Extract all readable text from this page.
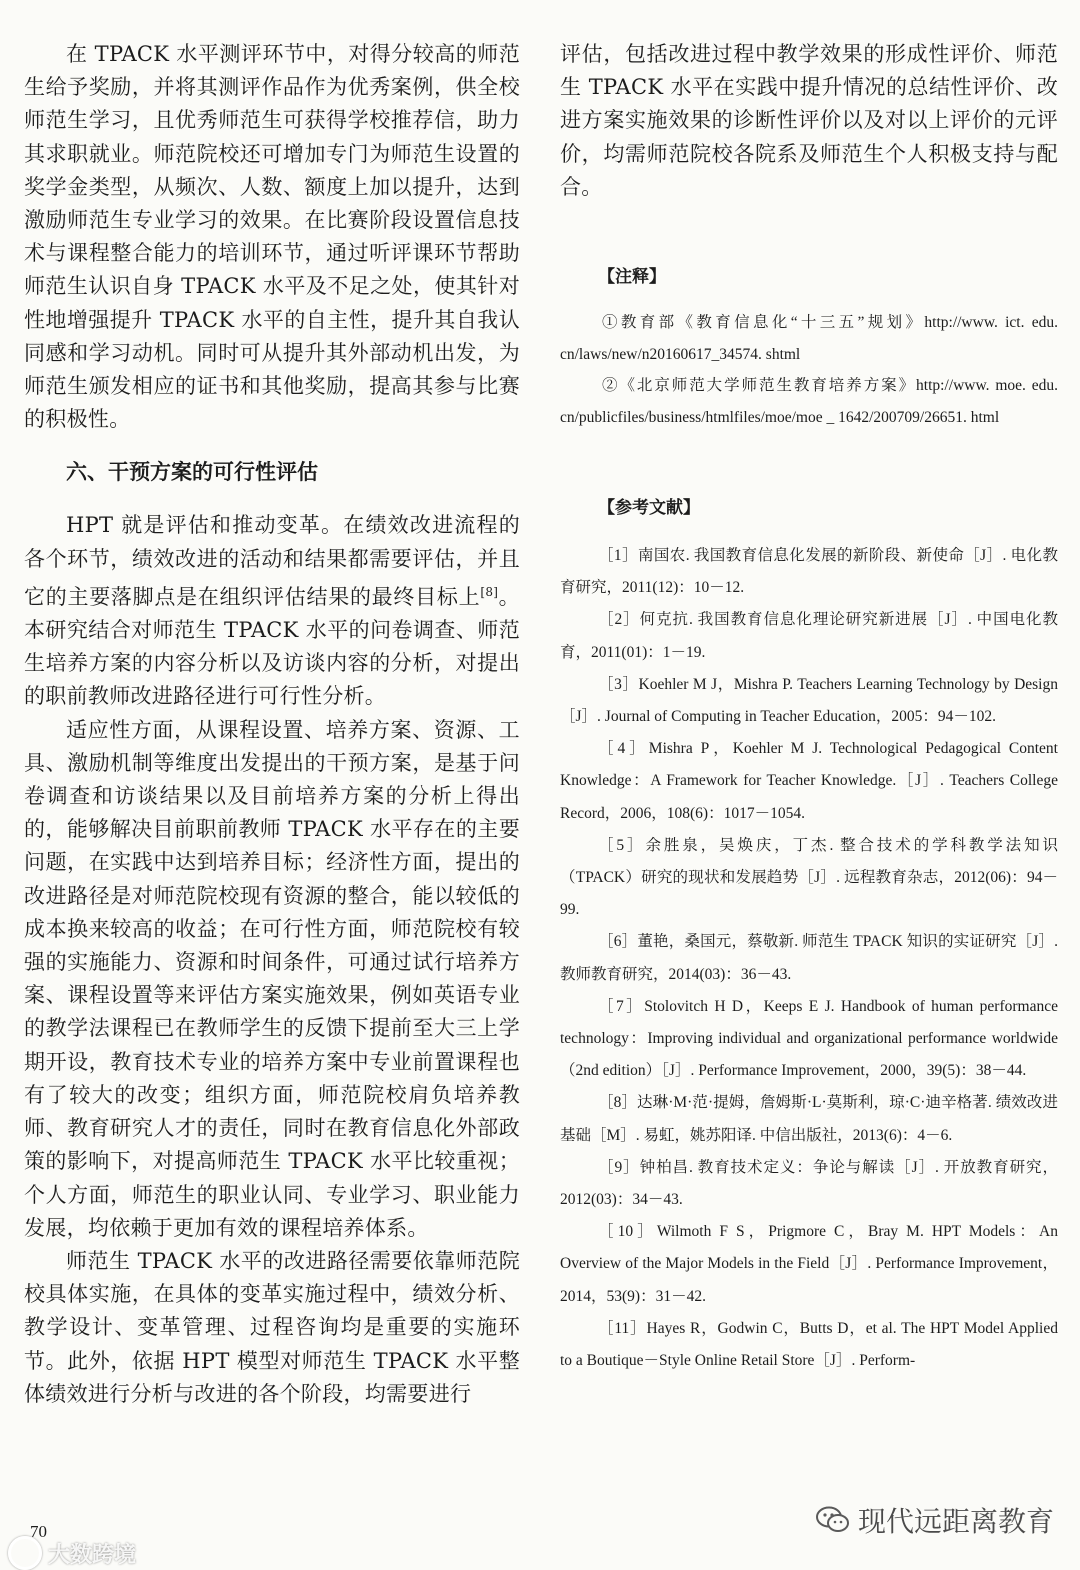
在 TPACK 水平测评环节中，对得分较高的师范生给予奖励，并将其测评作品作为优秀案例，供全校师范生学习，且优秀师范生可获得学校推荐信，助力其求职就业。师范院校还可增加专门为师范生设置的奖学金类型，从频次、人数、额度上加以提升，达到激励师范生专业学习的效果。在比赛阶段设置信息技术与课程整合能力的培训环节，通过听评课环节帮助师范生认识自身 TPACK 水平及不足之处，使其针对性地增强提升 TPACK 水平的自主性，提升其自我认同感和学习动机。同时可从提升其外部动机出发，为师范生颁发相应的证书和其他奖励，提高其参与比赛的积极性。

六、干预方案的可行性评估

HPT 就是评估和推动变革。在绩效改进流程的各个环节，绩效改进的活动和结果都需要评估，并且它的主要落脚点是在组织评估结果的最终目标上[8]。本研究结合对师范生 TPACK 水平的问卷调查、师范生培养方案的内容分析以及访谈内容的分析，对提出的职前教师改进路径进行可行性分析。

适应性方面，从课程设置、培养方案、资源、工具、激励机制等维度出发提出的干预方案，是基于问卷调查和访谈结果以及目前培养方案的分析上得出的，能够解决目前职前教师 TPACK 水平存在的主要问题，在实践中达到培养目标；经济性方面，提出的改进路径是对师范院校现有资源的整合，能以较低的成本换来较高的收益；在可行性方面，师范院校有较强的实施能力、资源和时间条件，可通过试行培养方案、课程设置等来评估方案实施效果，例如英语专业的教学法课程已在教师学生的反馈下提前至大三上学期开设，教育技术专业的培养方案中专业前置课程也有了较大的改变；组织方面，师范院校肩负培养教师、教育研究人才的责任，同时在教育信息化外部政策的影响下，对提高师范生 TPACK 水平比较重视；个人方面，师范生的职业认同、专业学习、职业能力发展，均依赖于更加有效的课程培养体系。

师范生 TPACK 水平的改进路径需要依靠师范院校具体实施，在具体的变革实施过程中，绩效分析、教学设计、变革管理、过程咨询均是重要的实施环节。此外，依据 HPT 模型对师范生 TPACK 水平整体绩效进行分析与改进的各个阶段，均需要进行

评估，包括改进过程中教学效果的形成性评价、师范生 TPACK 水平在实践中提升情况的总结性评价、改进方案实施效果的诊断性评价以及对以上评价的元评价，均需师范院校各院系及师范生个人积极支持与配合。

【注释】

①教育部《教育信息化“十三五”规划》http://www. ict. edu. cn/laws/new/n20160617_34574. shtml

②《北京师范大学师范生教育培养方案》http://www. moe. edu. cn/publicfiles/business/htmlfiles/moe/moe _ 1642/200709/26651. html

【参考文献】

［1］南国农. 我国教育信息化发展的新阶段、新使命［J］. 电化教育研究，2011(12)：10－12.

［2］何克抗. 我国教育信息化理论研究新进展［J］. 中国电化教育，2011(01)：1－19.

［3］Koehler M J，Mishra P. Teachers Learning Technology by Design［J］. Journal of Computing in Teacher Education，2005：94－102.

［4］Mishra P，Koehler M J. Technological Pedagogical Content Knowledge：A Framework for Teacher Knowledge.［J］. Teachers College Record，2006，108(6)：1017－1054.

［5］余胜泉，吴焕庆，丁杰. 整合技术的学科教学法知识（TPACK）研究的现状和发展趋势［J］. 远程教育杂志，2012(06)：94－99.

［6］董艳，桑国元，蔡敬新. 师范生 TPACK 知识的实证研究［J］. 教师教育研究，2014(03)：36－43.

［7］Stolovitch H D，Keeps E J. Handbook of human performance technology：Improving individual and organizational performance worldwide（2nd edition）［J］. Performance Improvement，2000，39(5)：38－44.

［8］达琳·M·范·提姆，詹姆斯·L·莫斯利，琼·C·迪辛格著. 绩效改进基础［M］. 易虹，姚苏阳译. 中信出版社，2013(6)：4－6.

［9］钟柏昌. 教育技术定义：争论与解读［J］. 开放教育研究，2012(03)：34－43.

［10］Wilmoth F S，Prigmore C，Bray M. HPT Models：An Overview of the Major Models in the Field［J］. Performance Improvement，2014，53(9)：31－42.

［11］Hayes R，Godwin C，Butts D，et al. The HPT Model Applied to a Boutique－Style Online Retail Store［J］. Perform-

70
大数跨境
现代远距离教育
